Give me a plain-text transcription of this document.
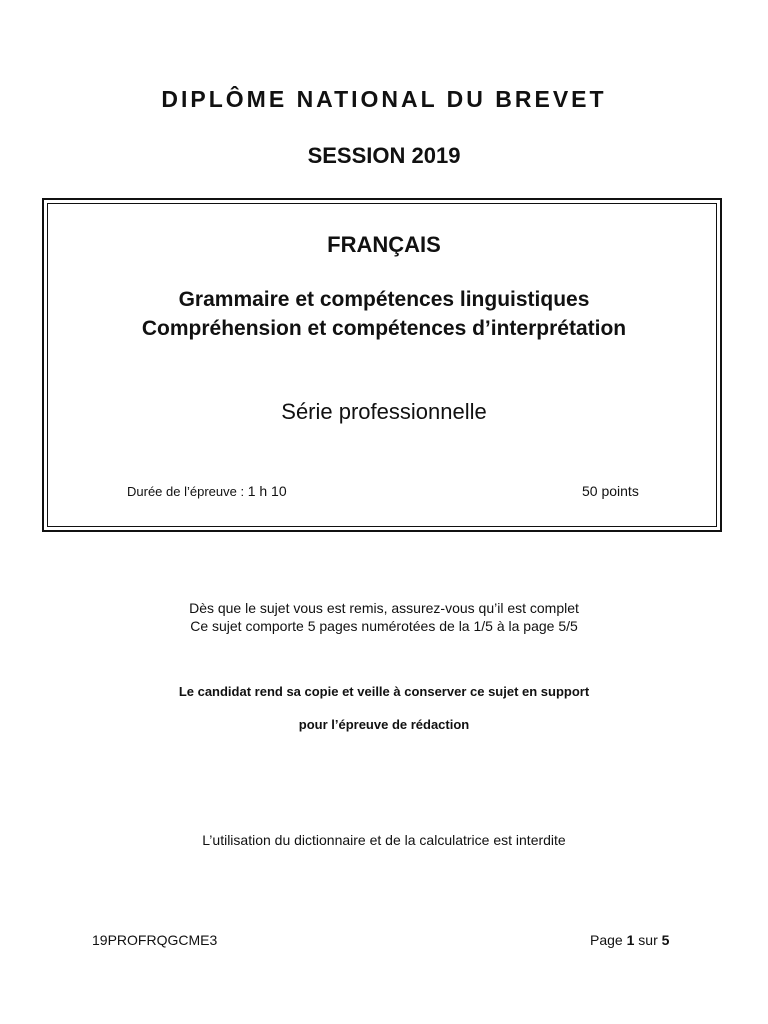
DIPLÔME NATIONAL DU BREVET
SESSION 2019
FRANÇAIS
Grammaire et compétences linguistiques
Compréhension et compétences d’interprétation
Série professionnelle
Durée de l’épreuve : 1 h 10	50 points
Dès que le sujet vous est remis, assurez-vous qu’il est complet
Ce sujet comporte 5 pages numérotées de la 1/5 à la page 5/5
Le candidat rend sa copie et veille à conserver ce sujet en support
pour l’épreuve de rédaction
L’utilisation du dictionnaire et de la calculatrice est interdite
19PROFRQGCME3	Page 1 sur 5
